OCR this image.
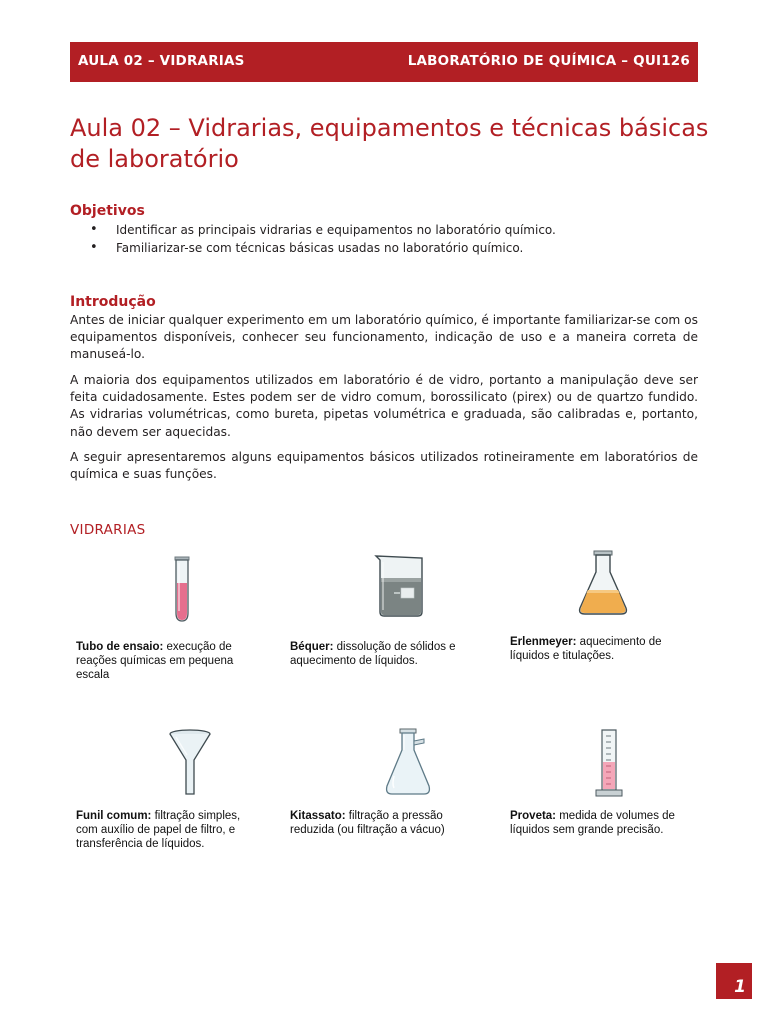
AULA 02 – VIDRARIAS	LABORATÓRIO DE QUÍMICA – QUI126
Aula 02 – Vidrarias, equipamentos e técnicas básicas de laboratório
Objetivos
• Identificar as principais vidrarias e equipamentos no laboratório químico.
• Familiarizar-se com técnicas básicas usadas no laboratório químico.
Introdução

Antes de iniciar qualquer experimento em um laboratório químico, é importante familiarizar-se com os equipamentos disponíveis, conhecer seu funcionamento, indicação de uso e a maneira correta de manuseá-lo.

A maioria dos equipamentos utilizados em laboratório é de vidro, portanto a manipulação deve ser feita cuidadosamente. Estes podem ser de vidro comum, borossilicato (pirex) ou de quartzo fundido. As vidrarias volumétricas, como bureta, pipetas volumétrica e graduada, são calibradas e, portanto, não devem ser aquecidas.

A seguir apresentaremos alguns equipamentos básicos utilizados rotineiramente em laboratórios de química e suas funções.

VIDRARIAS

Tubo de ensaio: execução de reações químicas em pequena escala

Béquer: dissolução de sólidos e aquecimento de líquidos.

Erlenmeyer: aquecimento de líquidos e titulações.

Funil comum: filtração simples, com auxílio de papel de filtro, e transferência de líquidos.

Kitassato: filtração a pressão reduzida (ou filtração a vácuo)

Proveta: medida de volumes de líquidos sem grande precisão.

1
